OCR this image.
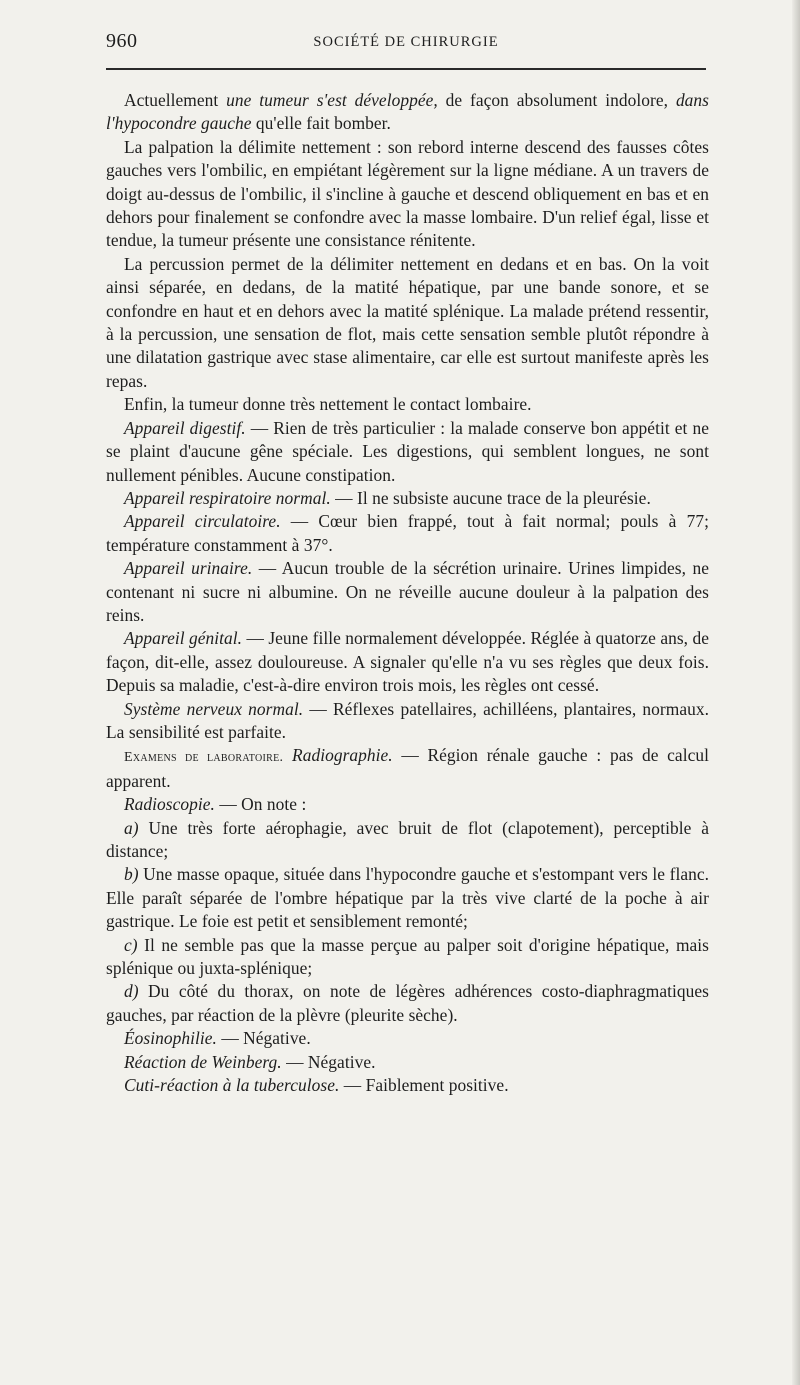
960	SOCIÉTÉ DE CHIRURGIE

Actuellement une tumeur s'est développée, de façon absolument indolore, dans l'hypocondre gauche qu'elle fait bomber.

La palpation la délimite nettement : son rebord interne descend des fausses côtes gauches vers l'ombilic, en empiétant légèrement sur la ligne médiane. A un travers de doigt au-dessus de l'ombilic, il s'incline à gauche et descend obliquement en bas et en dehors pour finalement se confondre avec la masse lombaire. D'un relief égal, lisse et tendue, la tumeur présente une consistance rénitente.

La percussion permet de la délimiter nettement en dedans et en bas. On la voit ainsi séparée, en dedans, de la matité hépatique, par une bande sonore, et se confondre en haut et en dehors avec la matité splénique. La malade prétend ressentir, à la percussion, une sensation de flot, mais cette sensation semble plutôt répondre à une dilatation gastrique avec stase alimentaire, car elle est surtout manifeste après les repas.

Enfin, la tumeur donne très nettement le contact lombaire.

Appareil digestif. — Rien de très particulier : la malade conserve bon appétit et ne se plaint d'aucune gêne spéciale. Les digestions, qui semblent longues, ne sont nullement pénibles. Aucune constipation.

Appareil respiratoire normal. — Il ne subsiste aucune trace de la pleurésie.

Appareil circulatoire. — Cœur bien frappé, tout à fait normal; pouls à 77; température constamment à 37°.

Appareil urinaire. — Aucun trouble de la sécrétion urinaire. Urines limpides, ne contenant ni sucre ni albumine. On ne réveille aucune douleur à la palpation des reins.

Appareil génital. — Jeune fille normalement développée. Réglée à quatorze ans, de façon, dit-elle, assez douloureuse. A signaler qu'elle n'a vu ses règles que deux fois. Depuis sa maladie, c'est-à-dire environ trois mois, les règles ont cessé.

Système nerveux normal. — Réflexes patellaires, achilléens, plantaires, normaux. La sensibilité est parfaite.

Examens de laboratoire. Radiographie. — Région rénale gauche : pas de calcul apparent.

Radioscopie. — On note :

a) Une très forte aérophagie, avec bruit de flot (clapotement), perceptible à distance;

b) Une masse opaque, située dans l'hypocondre gauche et s'estompant vers le flanc. Elle paraît séparée de l'ombre hépatique par la très vive clarté de la poche à air gastrique. Le foie est petit et sensiblement remonté;

c) Il ne semble pas que la masse perçue au palper soit d'origine hépatique, mais splénique ou juxta-splénique;

d) Du côté du thorax, on note de légères adhérences costo-diaphragmatiques gauches, par réaction de la plèvre (pleurite sèche).

Éosinophilie. — Négative.

Réaction de Weinberg. — Négative.

Cuti-réaction à la tuberculose. — Faiblement positive.
